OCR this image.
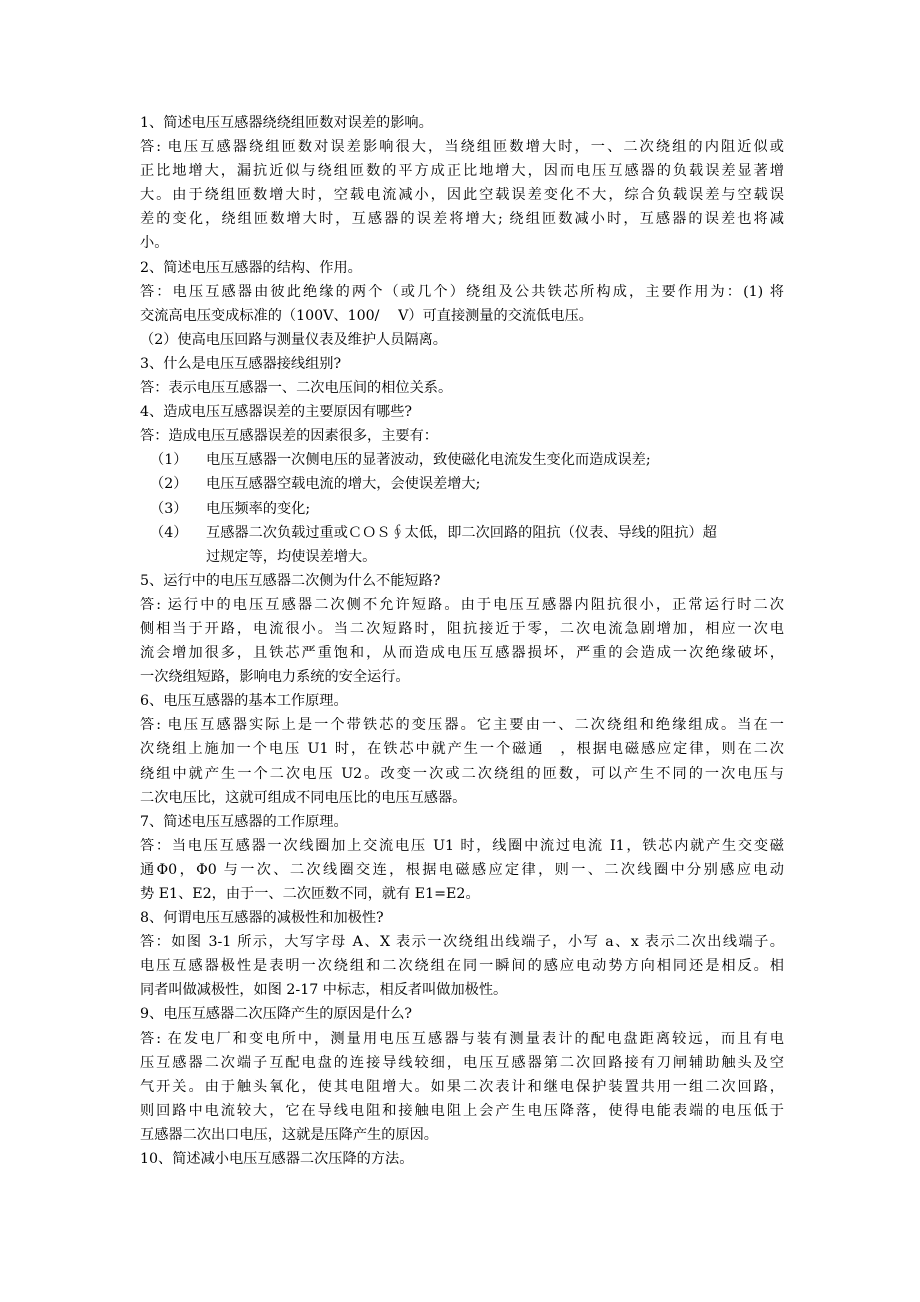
1、简述电压互感器绕绕组匝数对误差的影响。
答: 电压互感器绕组匝数对误差影响很大，当绕组匝数增大时，一、二次绕组的内阻近似或
正比地增大，漏抗近似与绕组匝数的平方成正比地增大，因而电压互感器的负载误差显著增
大。由于绕组匝数增大时，空载电流减小，因此空载误差变化不大，综合负载误差与空载误
差的变化，绕组匝数增大时，互感器的误差将增大; 绕组匝数减小时，互感器的误差也将减
小。
2、简述电压互感器的结构、作用。
答：电压互感器由彼此绝缘的两个（或几个）绕组及公共铁芯所构成，主要作用为：(1) 将
交流高电压变成标准的（100V、100/　 V）可直接测量的交流低电压。
（2）使高电压回路与测量仪表及维护人员隔离。
3、什么是电压互感器接线组别?
答：表示电压互感器一、二次电压间的相位关系。
4、造成电压互感器误差的主要原因有哪些?
答：造成电压互感器误差的因素很多，主要有：
（1）	电压互感器一次侧电压的显著波动，致使磁化电流发生变化而造成误差;
（2）	电压互感器空载电流的增大，会使误差增大;
（3）	电压频率的变化;
（4）	互感器二次负载过重或ＣＯＳ∮太低，即二次回路的阻抗（仪表、导线的阻抗）超
过规定等，均使误差增大。
5、运行中的电压互感器二次侧为什么不能短路?
答: 运行中的电压互感器二次侧不允许短路。由于电压互感器内阻抗很小，正常运行时二次
侧相当于开路，电流很小。当二次短路时，阻抗接近于零，二次电流急剧增加，相应一次电
流会增加很多，且铁芯严重饱和，从而造成电压互感器损坏，严重的会造成一次绝缘破坏，
一次绕组短路，影响电力系统的安全运行。
6、电压互感器的基本工作原理。
答: 电压互感器实际上是一个带铁芯的变压器。它主要由一、二次绕组和绝缘组成。当在一
次绕组上施加一个电压 U1 时，在铁芯中就产生一个磁通　，根据电磁感应定律，则在二次
绕组中就产生一个二次电压 U2。改变一次或二次绕组的匝数，可以产生不同的一次电压与
二次电压比，这就可组成不同电压比的电压互感器。
7、简述电压互感器的工作原理。
答：当电压互感器一次线圈加上交流电压 U1 时，线圈中流过电流 I1，铁芯内就产生交变磁
通Φ0，Φ0 与一次、二次线圈交连，根据电磁感应定律，则一、二次线圈中分别感应电动
势 E1、E2，由于一、二次匝数不同，就有 E1=E2。
8、何谓电压互感器的减极性和加极性?
答：如图 3-1 所示，大写字母 A、X 表示一次绕组出线端子，小写 a、x 表示二次出线端子。
电压互感器极性是表明一次绕组和二次绕组在同一瞬间的感应电动势方向相同还是相反。相
同者叫做减极性，如图 2-17 中标志，相反者叫做加极性。
9、电压互感器二次压降产生的原因是什么?
答: 在发电厂和变电所中，测量用电压互感器与装有测量表计的配电盘距离较远，而且有电
压互感器二次端子互配电盘的连接导线较细，电压互感器第二次回路接有刀闸辅助触头及空
气开关。由于触头氧化，使其电阻增大。如果二次表计和继电保护装置共用一组二次回路，
则回路中电流较大，它在导线电阻和接触电阻上会产生电压降落，使得电能表端的电压低于
互感器二次出口电压，这就是压降产生的原因。
10、简述减小电压互感器二次压降的方法。
